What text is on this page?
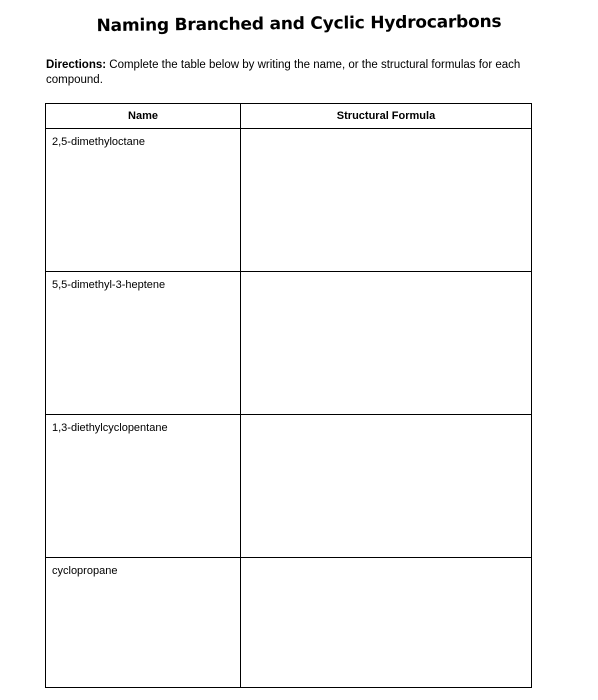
Naming Branched and Cyclic Hydrocarbons
Directions: Complete the table below by writing the name, or the structural formulas for each compound.
Name	Structural Formula

2,5-dimethyloctane	

5,5-dimethyl-3-heptene	

1,3-diethylcyclopentane	

cyclopropane	
